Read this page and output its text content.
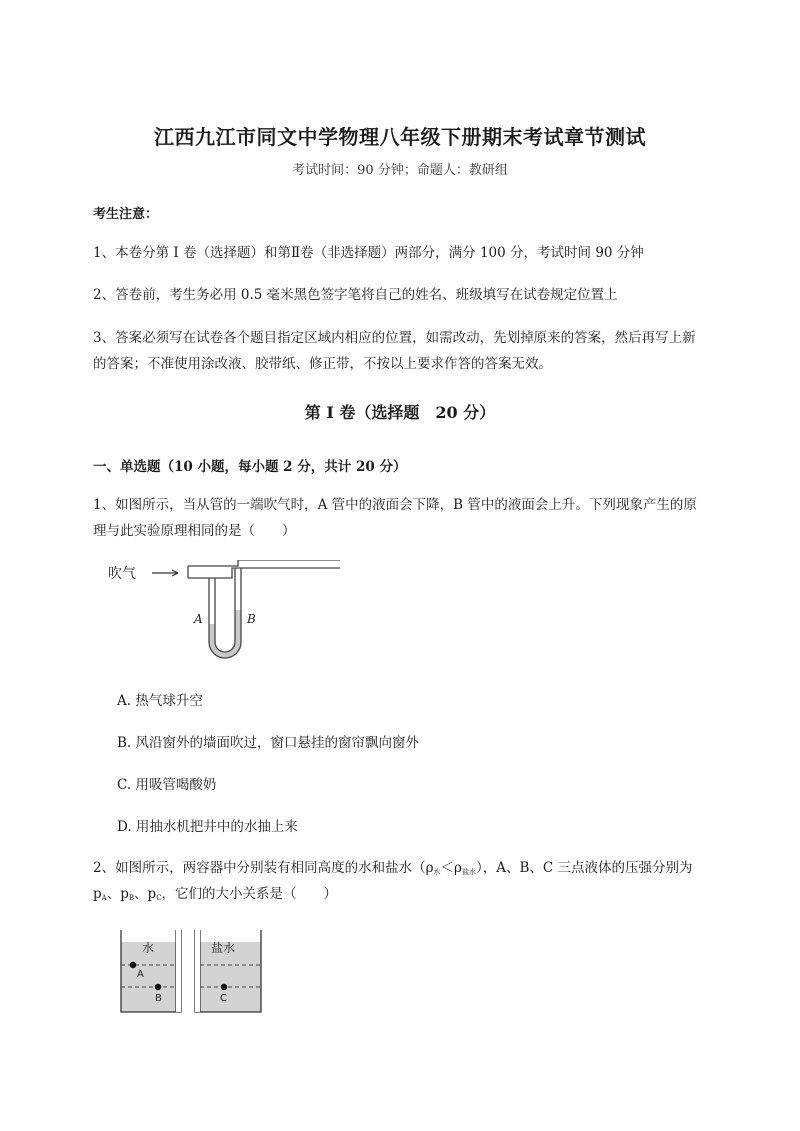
江西九江市同文中学物理八年级下册期末考试章节测试
考试时间：90 分钟；命题人：教研组
考生注意：
1、本卷分第 I 卷（选择题）和第Ⅱ卷（非选择题）两部分，满分 100 分，考试时间 90 分钟
2、答卷前，考生务必用 0.5 毫米黑色签字笔将自己的姓名、班级填写在试卷规定位置上
3、答案必须写在试卷各个题目指定区域内相应的位置，如需改动，先划掉原来的答案，然后再写上新
的答案；不准使用涂改液、胶带纸、修正带，不按以上要求作答的答案无效。
第 I 卷（选择题　20 分）
一、单选题（10 小题，每小题 2 分，共计 20 分）
1、如图所示，当从管的一端吹气时，A 管中的液面会下降，B 管中的液面会上升。下列现象产生的原
理与此实验原理相同的是（　　）
吹气
A	B
A. 热气球升空
B. 风沿窗外的墙面吹过，窗口悬挂的窗帘飘向窗外
C. 用吸管喝酸奶
D. 用抽水机把井中的水抽上来
2、如图所示，两容器中分别装有相同高度的水和盐水$(\rho_水<\rho_{盐水})$，A、B、C 三点液体的压强分别为
$p_A$、$p_B$、$p_C$，它们的大小关系是（　　）
水	盐水
A
B	C
